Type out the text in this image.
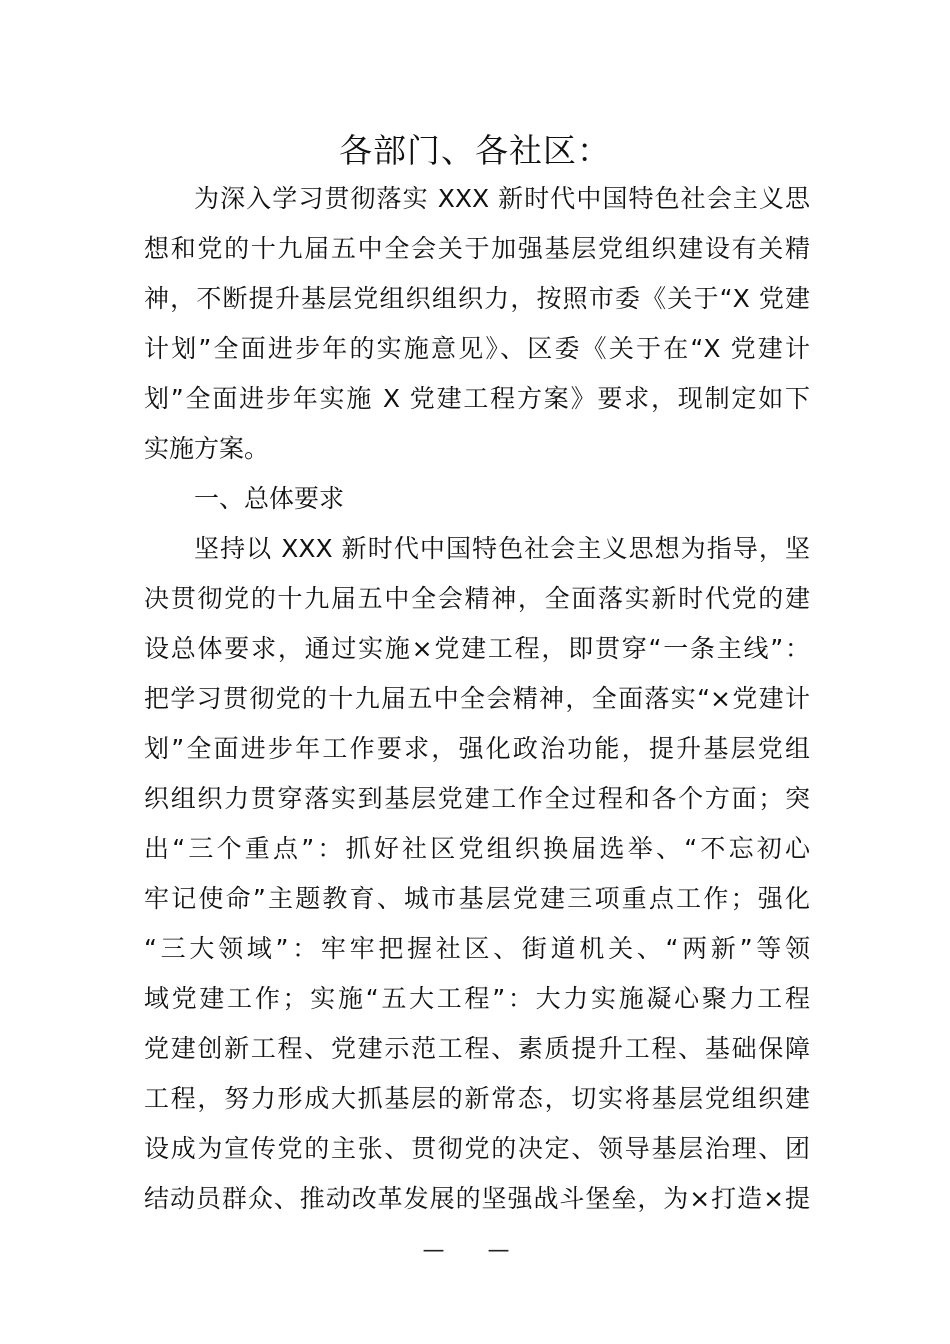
各部门、各社区：
为深入学习贯彻落实 XXX 新时代中国特色社会主义思
想和党的十九届五中全会关于加强基层党组织建设有关精
神，不断提升基层党组织组织力，按照市委《关于“X 党建
计划”全面进步年的实施意见》、区委《关于在“X 党建计
划”全面进步年实施 X 党建工程方案》要求，现制定如下
实施方案。
一、总体要求
坚持以 XXX 新时代中国特色社会主义思想为指导，坚
决贯彻党的十九届五中全会精神，全面落实新时代党的建
设总体要求，通过实施×党建工程，即贯穿“一条主线”：
把学习贯彻党的十九届五中全会精神，全面落实“×党建计
划”全面进步年工作要求，强化政治功能，提升基层党组
织组织力贯穿落实到基层党建工作全过程和各个方面；突
出“三个重点”：抓好社区党组织换届选举、“不忘初心
牢记使命”主题教育、城市基层党建三项重点工作；强化
“三大领域”：牢牢把握社区、街道机关、“两新”等领
域党建工作；实施“五大工程”：大力实施凝心聚力工程
党建创新工程、党建示范工程、素质提升工程、基础保障
工程，努力形成大抓基层的新常态，切实将基层党组织建
设成为宣传党的主张、贯彻党的决定、领导基层治理、团
结动员群众、推动改革发展的坚强战斗堡垒，为×打造×提
— —
